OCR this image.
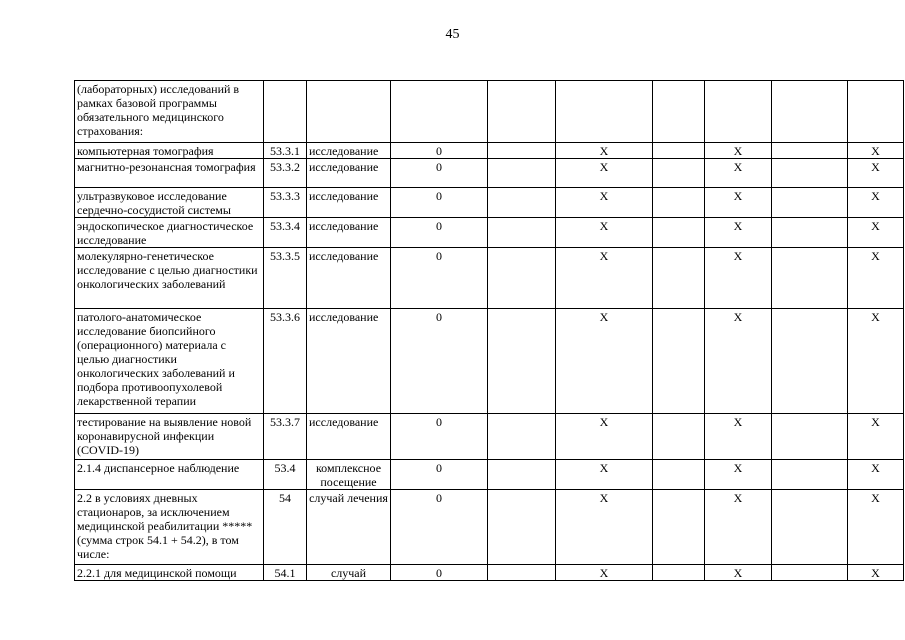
45
(лабораторных) исследований в рамках базовой программы обязательного медицинского страхования:									
компьютерная томография	53.3.1	исследование	0		X		X		X
магнитно-резонансная томография	53.3.2	исследование	0		X		X		X
ультразвуковое исследование сердечно-сосудистой системы	53.3.3	исследование	0		X		X		X
эндоскопическое диагностическое исследование	53.3.4	исследование	0		X		X		X
молекулярно-генетическое исследование с целью диагностики онкологических заболеваний	53.3.5	исследование	0		X		X		X
патолого-анатомическое исследование биопсийного (операционного) материала с целью диагностики онкологических заболеваний и подбора противоопухолевой лекарственной терапии	53.3.6	исследование	0		X		X		X
тестирование на выявление новой коронавирусной инфекции (COVID-19)	53.3.7	исследование	0		X		X		X
2.1.4 диспансерное наблюдение	53.4	комплексное посещение	0		X		X		X
2.2 в условиях дневных стационаров, за исключением медицинской реабилитации ***** (сумма строк 54.1 + 54.2), в том числе:	54	случай лечения	0		X		X		X
2.2.1 для медицинской помощи	54.1	случай	0		X		X		X
